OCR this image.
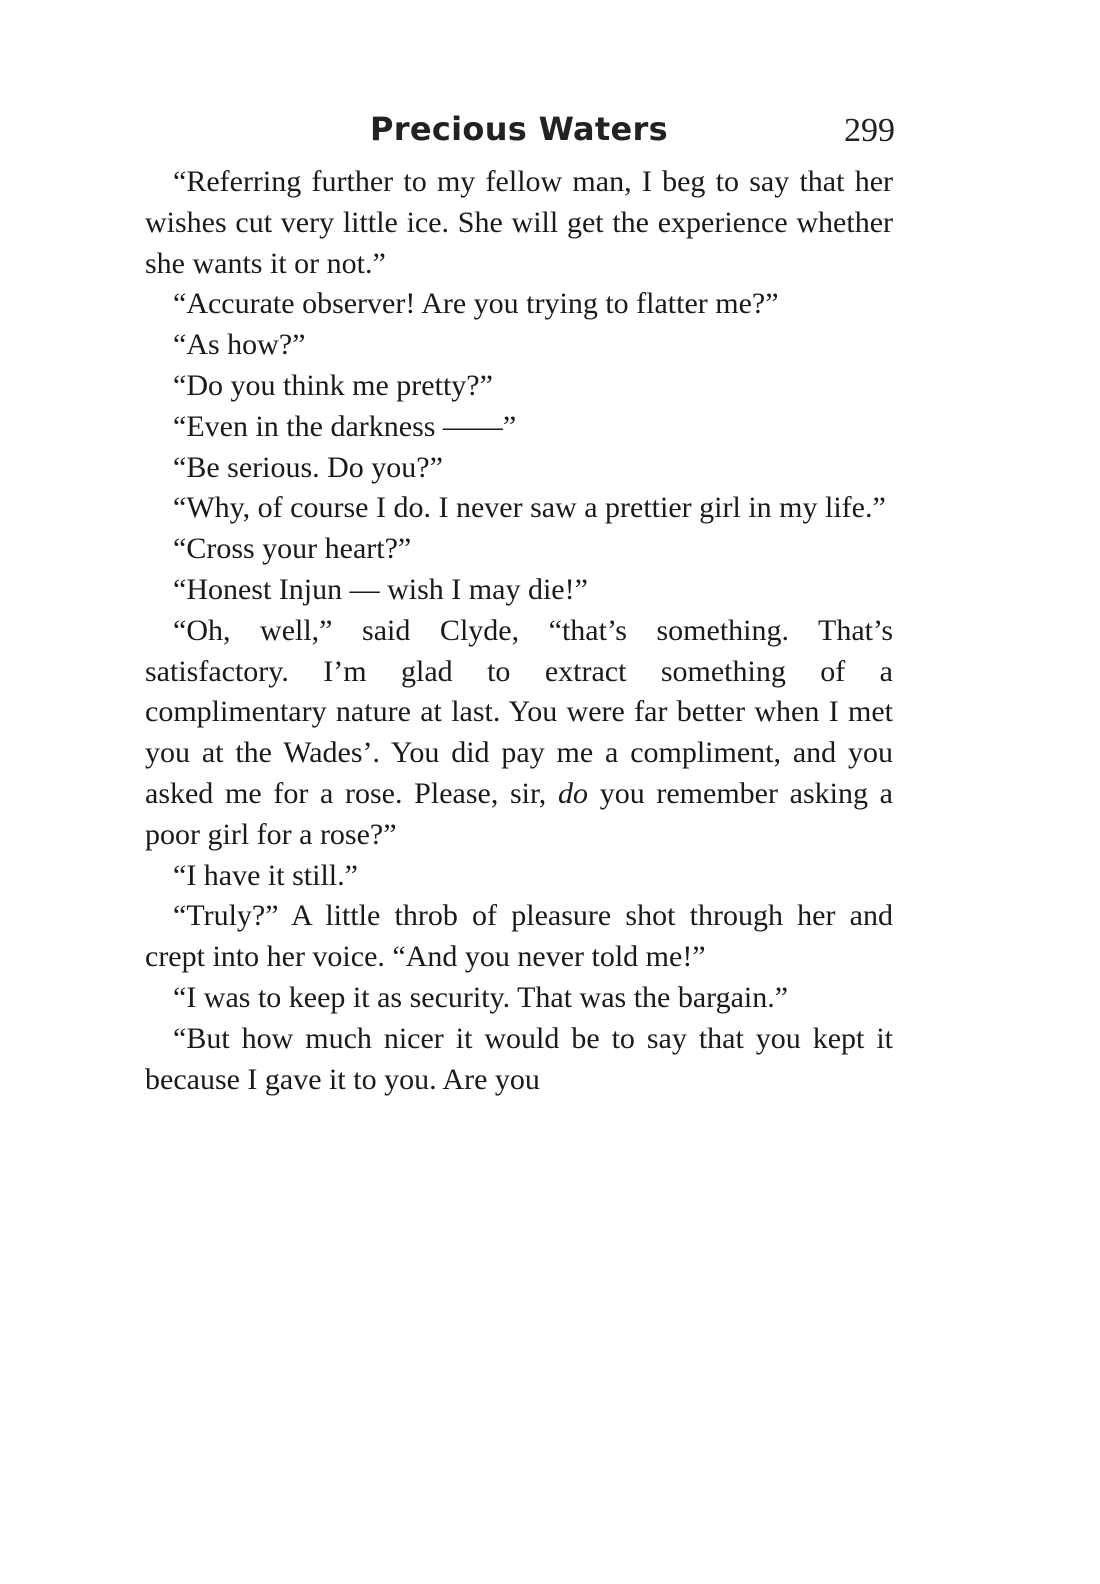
Precious Waters	299

“Referring further to my fellow man, I beg to say that her wishes cut very little ice. She will get the experience whether she wants it or not.”

“Accurate observer! Are you trying to flatter me?”

“As how?”

“Do you think me pretty?”

“Even in the darkness ——”

“Be serious. Do you?”

“Why, of course I do. I never saw a prettier girl in my life.”

“Cross your heart?”

“Honest Injun — wish I may die!”

“Oh, well,” said Clyde, “that’s something. That’s satisfactory. I’m glad to extract something of a complimentary nature at last. You were far better when I met you at the Wades’. You did pay me a compliment, and you asked me for a rose. Please, sir, do you remember asking a poor girl for a rose?”

“I have it still.”

“Truly?” A little throb of pleasure shot through her and crept into her voice. “And you never told me!”

“I was to keep it as security. That was the bargain.”

“But how much nicer it would be to say that you kept it because I gave it to you. Are you
